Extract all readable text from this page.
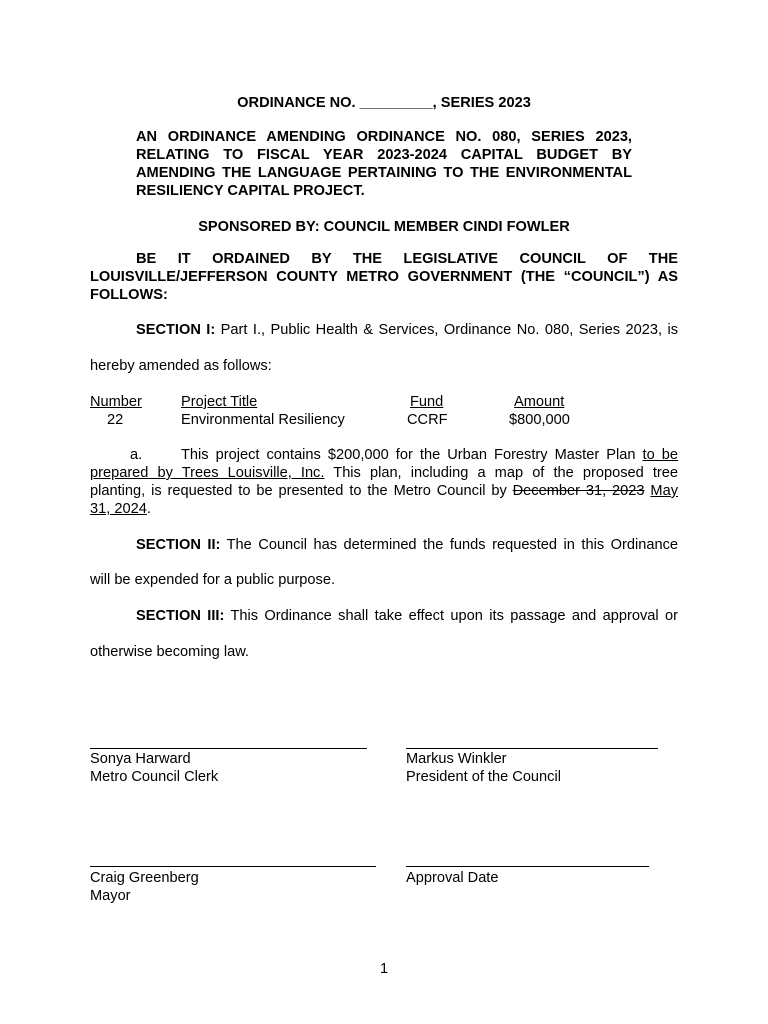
ORDINANCE NO. _________, SERIES 2023
AN ORDINANCE AMENDING ORDINANCE NO. 080, SERIES 2023,
RELATING TO FISCAL YEAR 2023-2024 CAPITAL BUDGET BY
AMENDING THE LANGUAGE PERTAINING TO THE ENVIRONMENTAL
RESILIENCY CAPITAL PROJECT.
SPONSORED BY: COUNCIL MEMBER CINDI FOWLER
BE IT ORDAINED BY THE LEGISLATIVE COUNCIL OF THE
LOUISVILLE/JEFFERSON COUNTY METRO GOVERNMENT (THE “COUNCIL”) AS
FOLLOWS:
SECTION I: Part I., Public Health & Services, Ordinance No. 080, Series 2023, is
hereby amended as follows:
Number	Project Title	Fund	Amount
22	Environmental Resiliency	CCRF	$800,000
a.	This project contains $200,000 for the Urban Forestry Master Plan to be
prepared by Trees Louisville, Inc. This plan, including a map of the proposed tree
planting, is requested to be presented to the Metro Council by December 31, 2023 May
31, 2024.
SECTION II: The Council has determined the funds requested in this Ordinance
will be expended for a public purpose.
SECTION III: This Ordinance shall take effect upon its passage and approval or
otherwise becoming law.
Sonya Harward
Metro Council Clerk
Markus Winkler
President of the Council
Craig Greenberg
Mayor
Approval Date
1
